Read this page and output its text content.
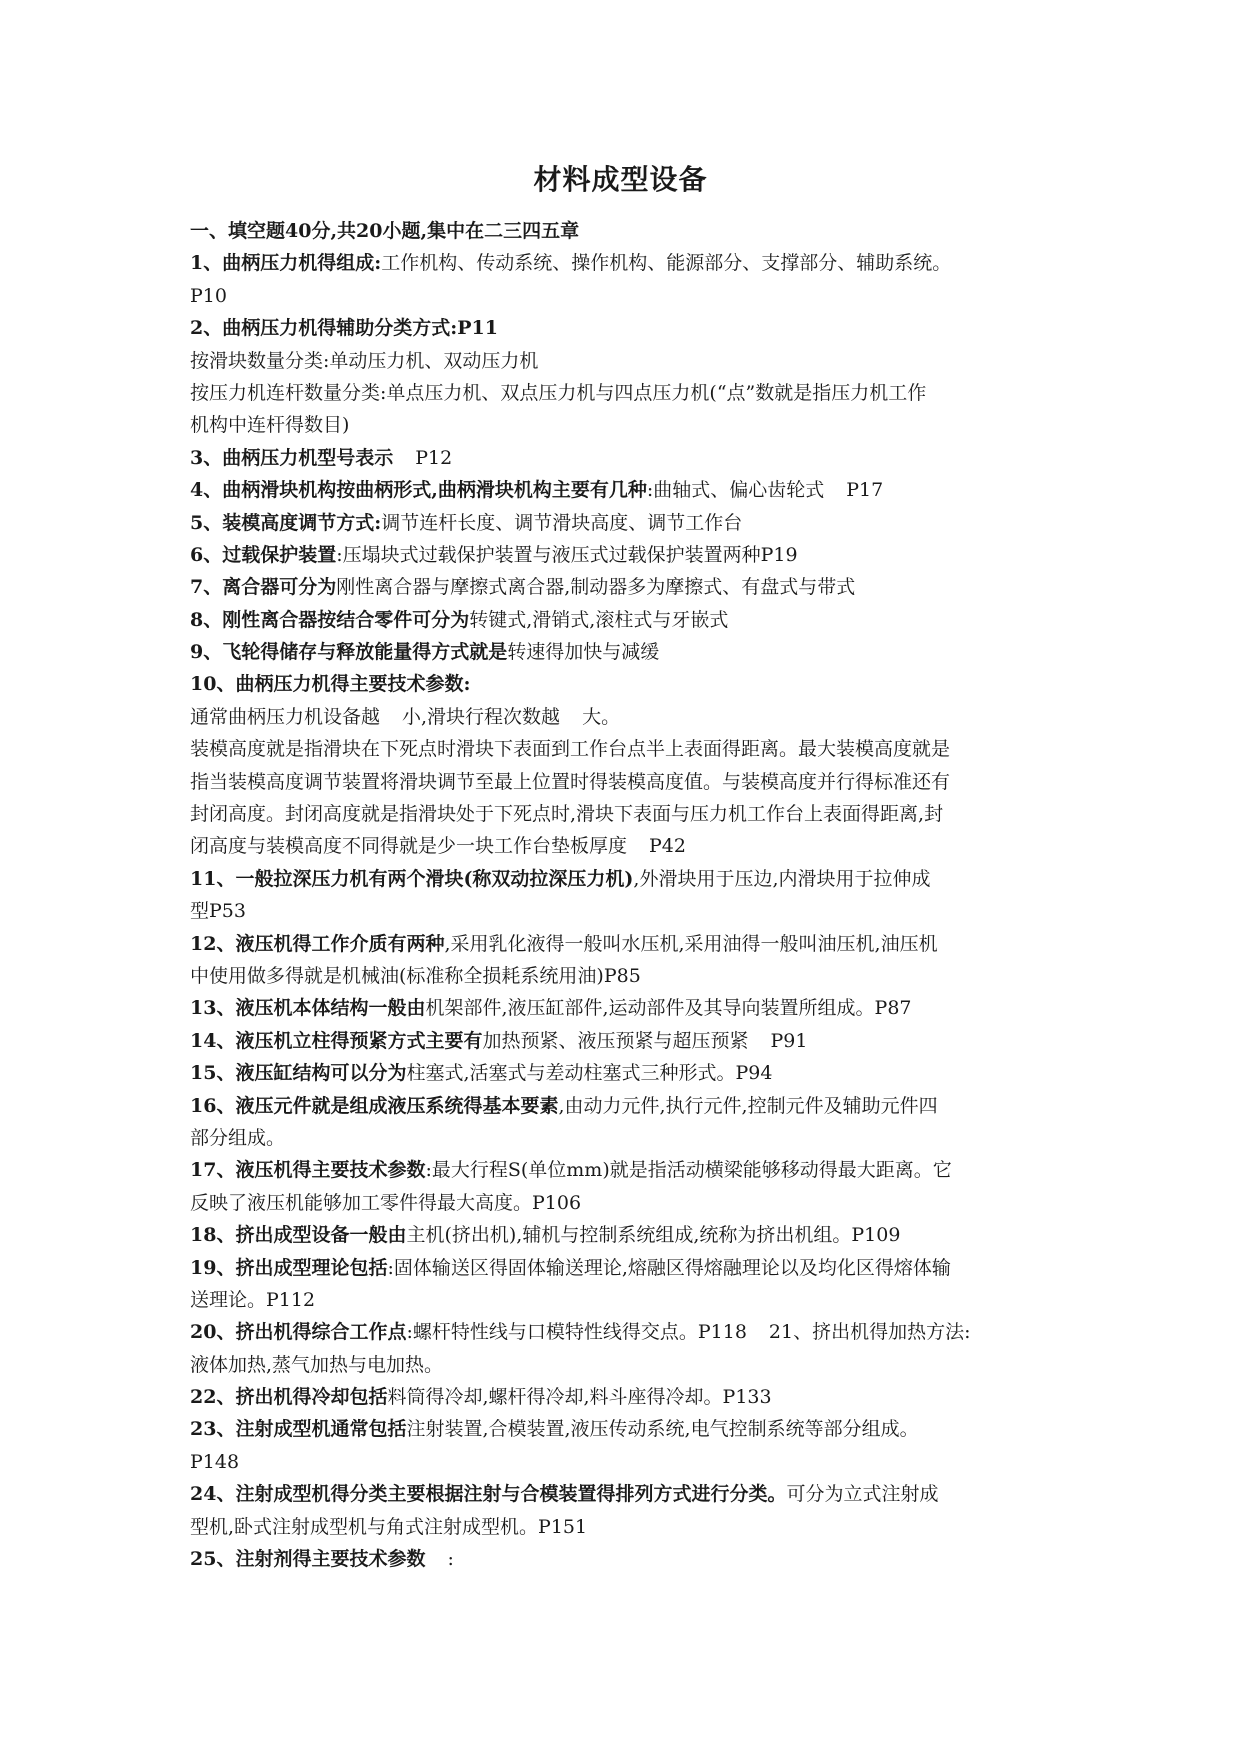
材料成型设备
一、填空题40分,共20小题,集中在二三四五章
1、曲柄压力机得组成:工作机构、传动系统、操作机构、能源部分、支撑部分、辅助系统。
P10
2、曲柄压力机得辅助分类方式:P11
按滑块数量分类:单动压力机、双动压力机
按压力机连杆数量分类:单点压力机、双点压力机与四点压力机(“点”数就是指压力机工作
机构中连杆得数目)
3、曲柄压力机型号表示 P12
4、曲柄滑块机构按曲柄形式,曲柄滑块机构主要有几种:曲轴式、偏心齿轮式 P17
5、装模高度调节方式:调节连杆长度、调节滑块高度、调节工作台
6、过载保护装置:压塌块式过载保护装置与液压式过载保护装置两种P19
7、离合器可分为刚性离合器与摩擦式离合器,制动器多为摩擦式、有盘式与带式
8、刚性离合器按结合零件可分为转键式,滑销式,滚柱式与牙嵌式
9、飞轮得储存与释放能量得方式就是转速得加快与减缓
10、曲柄压力机得主要技术参数:
通常曲柄压力机设备越 小,滑块行程次数越 大。
装模高度就是指滑块在下死点时滑块下表面到工作台点半上表面得距离。最大装模高度就是
指当装模高度调节装置将滑块调节至最上位置时得装模高度值。与装模高度并行得标准还有
封闭高度。封闭高度就是指滑块处于下死点时,滑块下表面与压力机工作台上表面得距离,封
闭高度与装模高度不同得就是少一块工作台垫板厚度 P42
11、一般拉深压力机有两个滑块(称双动拉深压力机),外滑块用于压边,内滑块用于拉伸成
型P53
12、液压机得工作介质有两种,采用乳化液得一般叫水压机,采用油得一般叫油压机,油压机
中使用做多得就是机械油(标准称全损耗系统用油)P85
13、液压机本体结构一般由机架部件,液压缸部件,运动部件及其导向装置所组成。P87
14、液压机立柱得预紧方式主要有加热预紧、液压预紧与超压预紧 P91
15、液压缸结构可以分为柱塞式,活塞式与差动柱塞式三种形式。P94
16、液压元件就是组成液压系统得基本要素,由动力元件,执行元件,控制元件及辅助元件四
部分组成。
17、液压机得主要技术参数:最大行程S(单位mm)就是指活动横梁能够移动得最大距离。它
反映了液压机能够加工零件得最大高度。P106
18、挤出成型设备一般由主机(挤出机),辅机与控制系统组成,统称为挤出机组。P109
19、挤出成型理论包括:固体输送区得固体输送理论,熔融区得熔融理论以及均化区得熔体输
送理论。P112
20、挤出机得综合工作点:螺杆特性线与口模特性线得交点。P118 21、挤出机得加热方法:
液体加热,蒸气加热与电加热。
22、挤出机得冷却包括料筒得冷却,螺杆得冷却,料斗座得冷却。P133
23、注射成型机通常包括注射装置,合模装置,液压传动系统,电气控制系统等部分组成。
P148
24、注射成型机得分类主要根据注射与合模装置得排列方式进行分类。可分为立式注射成
型机,卧式注射成型机与角式注射成型机。P151
25、注射剂得主要技术参数 :
